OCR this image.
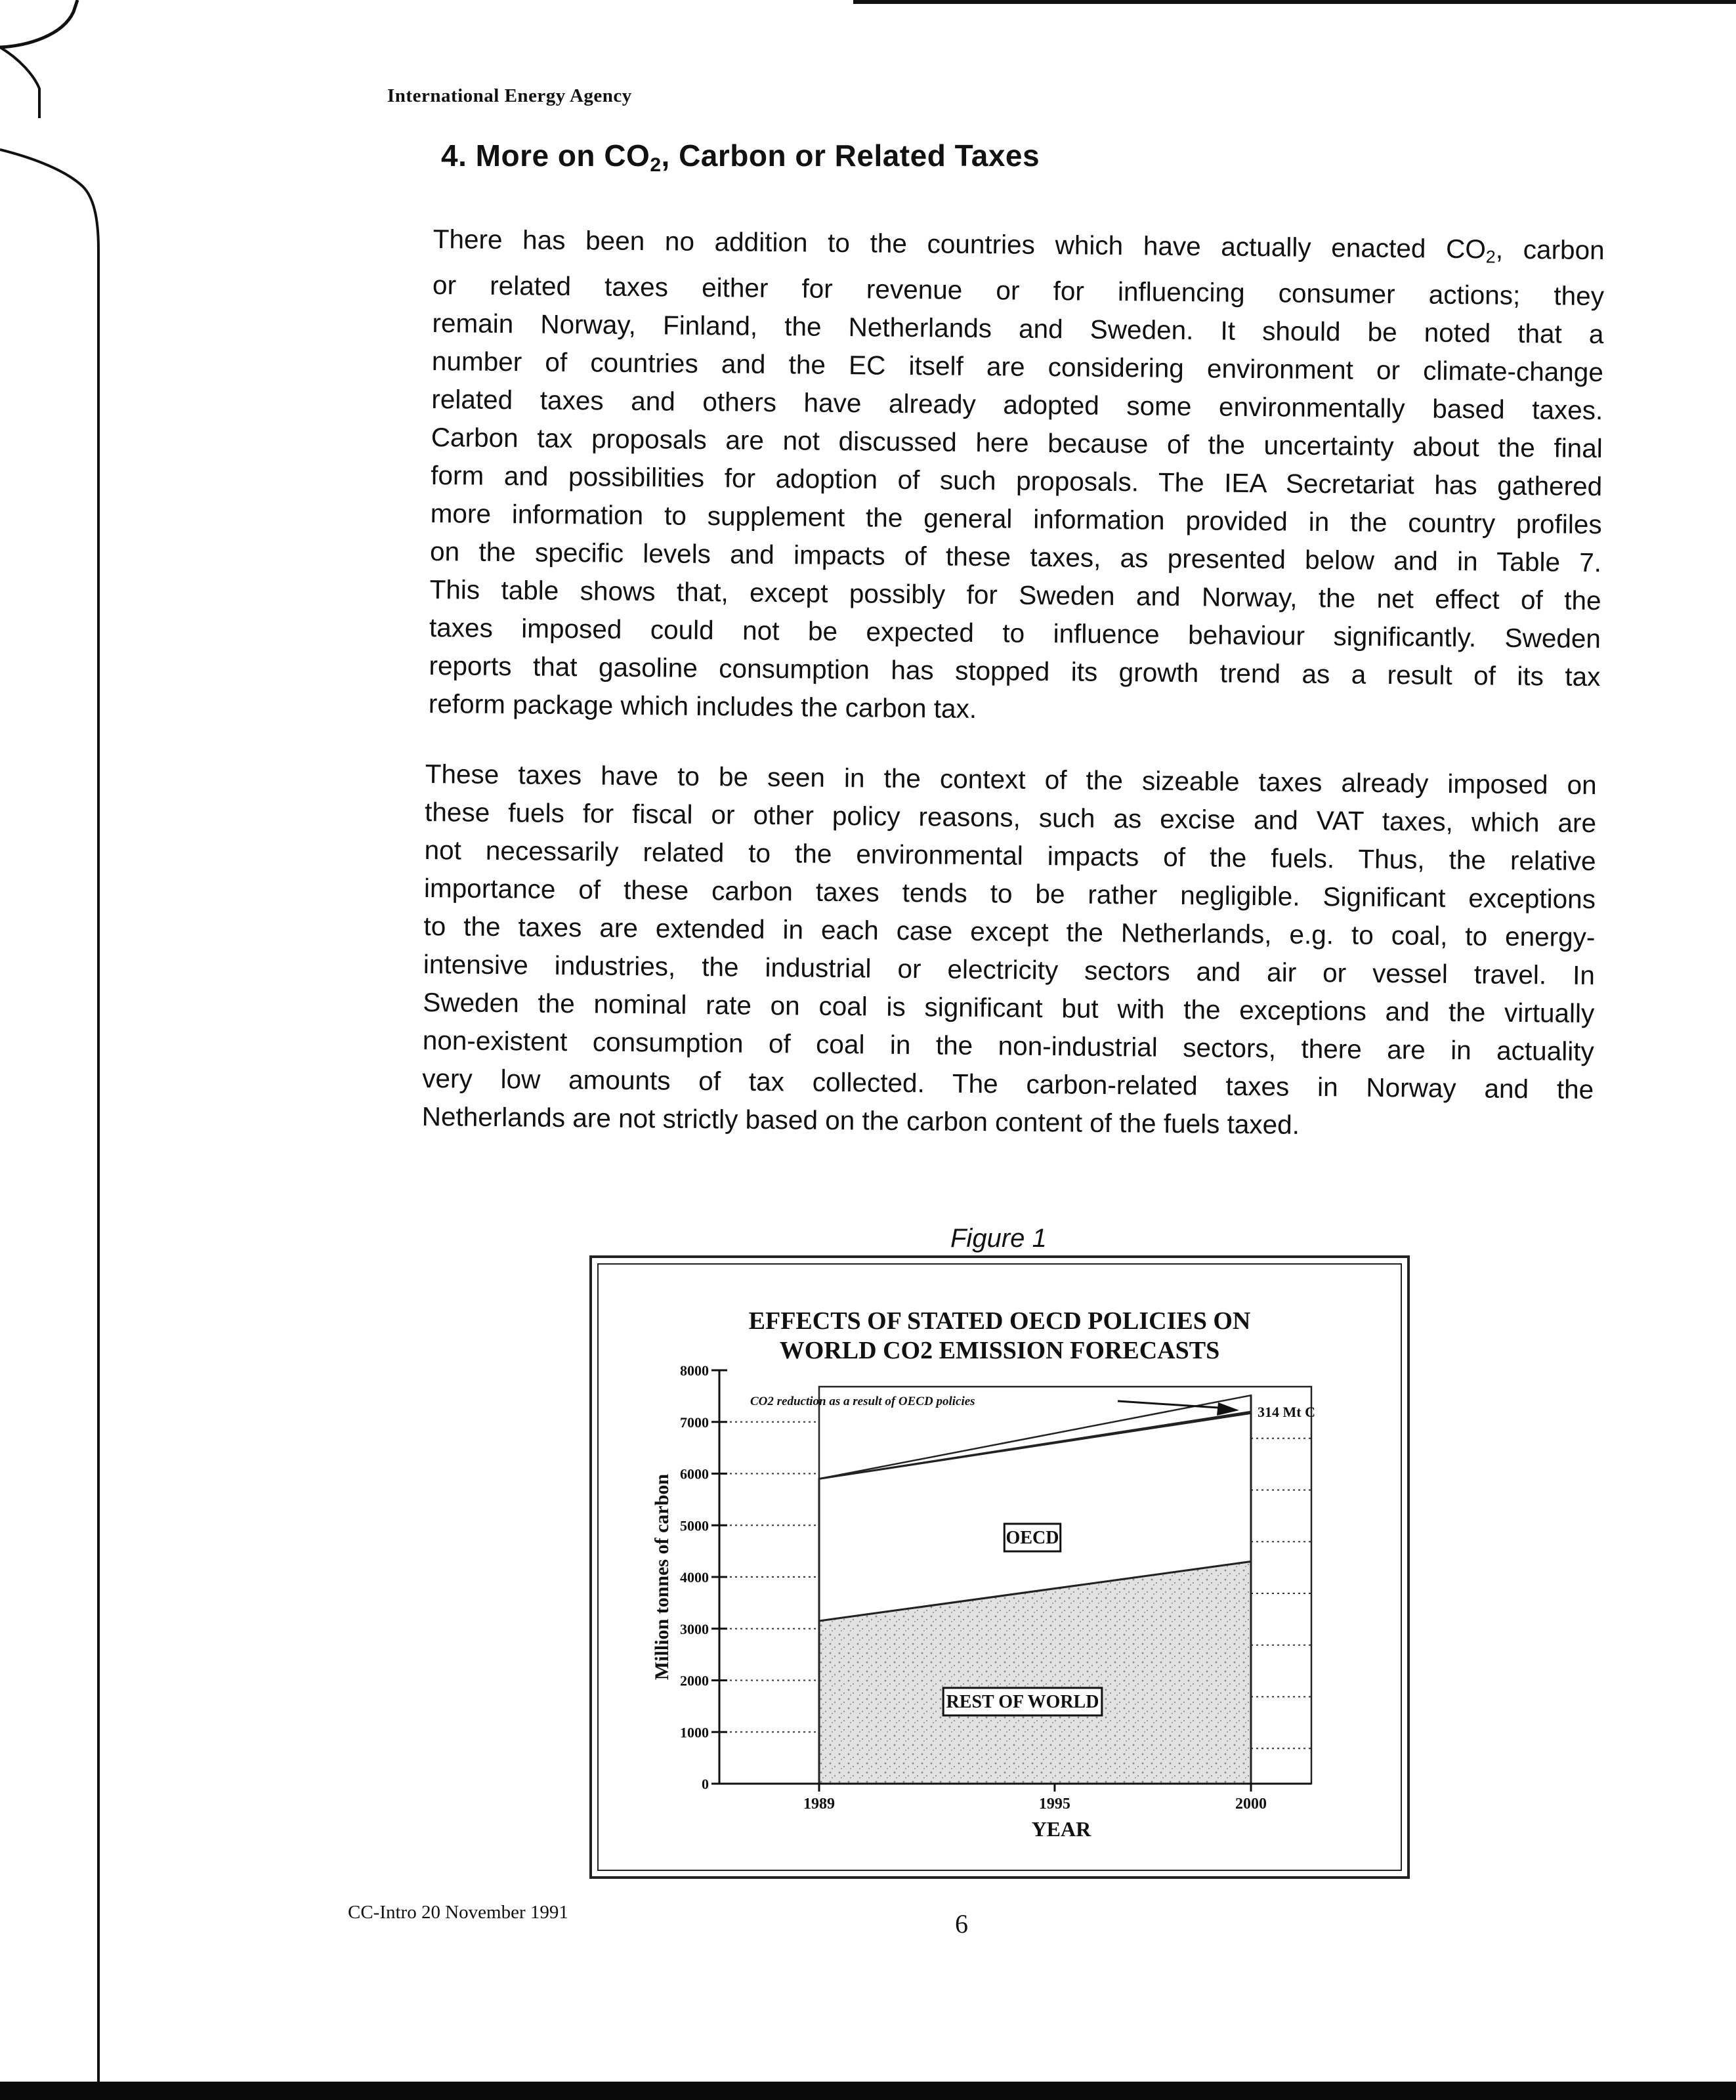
International Energy Agency
4. More on $CO_2$, Carbon or Related Taxes
There has been no addition to the countries which have actually enacted $CO_2$, carbon
or related taxes either for revenue or for influencing consumer actions; they
remain Norway, Finland, the Netherlands and Sweden. It should be noted that a
number of countries and the EC itself are considering environment or climate-change
related taxes and others have already adopted some environmentally based taxes.
Carbon tax proposals are not discussed here because of the uncertainty about the final
form and possibilities for adoption of such proposals. The IEA Secretariat has gathered
more information to supplement the general information provided in the country profiles
on the specific levels and impacts of these taxes, as presented below and in Table 7.
This table shows that, except possibly for Sweden and Norway, the net effect of the
taxes imposed could not be expected to influence behaviour significantly. Sweden
reports that gasoline consumption has stopped its growth trend as a result of its tax
reform package which includes the carbon tax.
These taxes have to be seen in the context of the sizeable taxes already imposed on
these fuels for fiscal or other policy reasons, such as excise and VAT taxes, which are
not necessarily related to the environmental impacts of the fuels. Thus, the relative
importance of these carbon taxes tends to be rather negligible. Significant exceptions
to the taxes are extended in each case except the Netherlands, e.g. to coal, to energy-
intensive industries, the industrial or electricity sectors and air or vessel travel. In
Sweden the nominal rate on coal is significant but with the exceptions and the virtually
non-existent consumption of coal in the non-industrial sectors, there are in actuality
very low amounts of tax collected. The carbon-related taxes in Norway and the
Netherlands are not strictly based on the carbon content of the fuels taxed.
Figure 1
EFFECTS OF STATED OECD POLICIES ON
WORLD CO2 EMISSION FORECASTS
0
1000
2000
3000
4000
5000
6000
7000
8000
Million tonnes of carbon
1989	1995	2000
YEAR
OECD
REST OF WORLD
CO2 reduction as a result of OECD policies
314 Mt C
CC-Intro 20 November 1991	6
